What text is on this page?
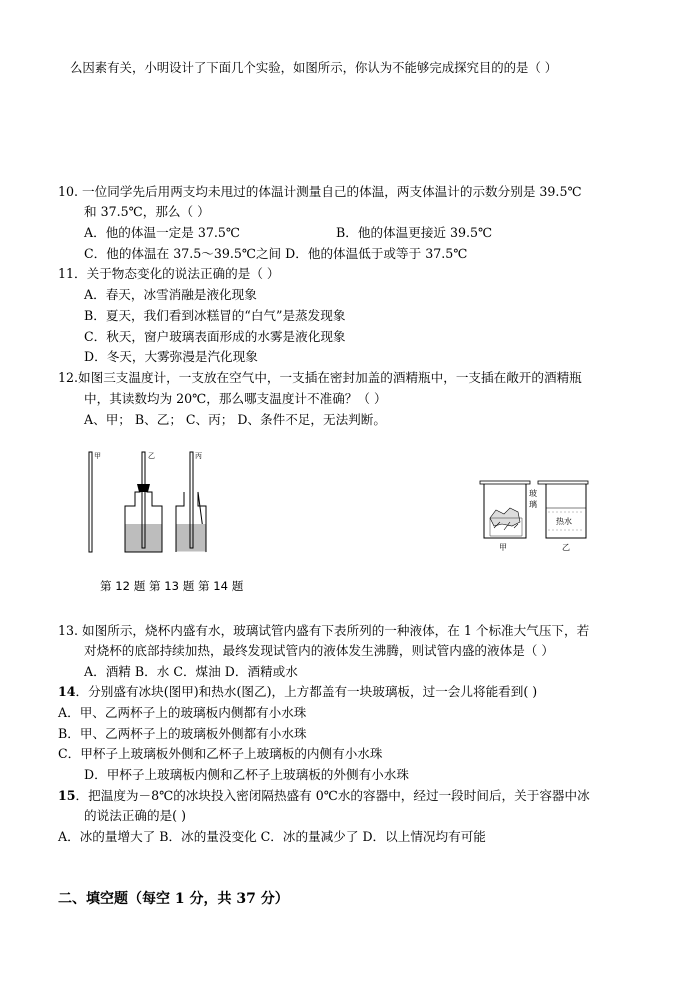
么因素有关，小明设计了下面几个实验，如图所示，你认为不能够完成探究目的的是（ ）
10. 一位同学先后用两支均未甩过的体温计测量自己的体温，两支体温计的示数分别是 39.5℃
和 37.5℃，那么（ ）
A．他的体温一定是 37.5℃	B．他的体温更接近 39.5℃
C．他的体温在 37.5～39.5℃之间 D．他的体温低于或等于 37.5℃
11．关于物态变化的说法正确的是（ ）
A．春天，冰雪消融是液化现象
B．夏天，我们看到冰糕冒的“白气”是蒸发现象
C．秋天，窗户玻璃表面形成的水雾是液化现象
D．冬天，大雾弥漫是汽化现象
12.如图三支温度计，一支放在空气中，一支插在密封加盖的酒精瓶中，一支插在敞开的酒精瓶
中，其读数均为 20℃，那么哪支温度计不准确？（ ）
A、甲； B、乙； C、丙； D、条件不足，无法判断。
甲	乙	丙
玻
璃
热水
甲	乙
第 12 题 第 13 题 第 14 题
13. 如图所示，烧杯内盛有水，玻璃试管内盛有下表所列的一种液体，在 1 个标准大气压下，若
对烧杯的底部持续加热，最终发现试管内的液体发生沸腾，则试管内盛的液体是（ ）
A．酒精 B．水 C．煤油 D．酒精或水
14．分别盛有冰块(图甲)和热水(图乙)，上方都盖有一块玻璃板，过一会儿将能看到( )
A．甲、乙两杯子上的玻璃板内侧都有小水珠
B．甲、乙两杯子上的玻璃板外侧都有小水珠
C．甲杯子上玻璃板外侧和乙杯子上玻璃板的内侧有小水珠
D．甲杯子上玻璃板内侧和乙杯子上玻璃板的外侧有小水珠
15．把温度为－8℃的冰块投入密闭隔热盛有 0℃水的容器中，经过一段时间后，关于容器中冰
的说法正确的是( )
A．冰的量增大了 B．冰的量没变化 C．冰的量减少了 D．以上情况均有可能
二、填空题（每空 1 分，共 37 分）
